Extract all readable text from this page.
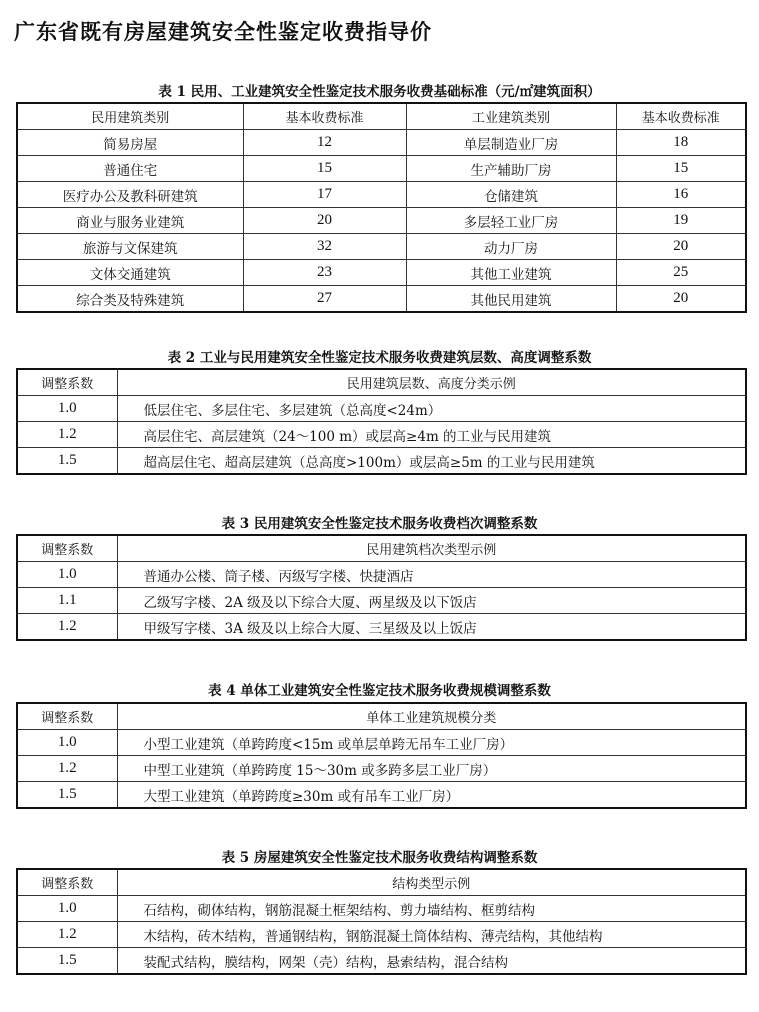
广东省既有房屋建筑安全性鉴定收费指导价
表 1 民用、工业建筑安全性鉴定技术服务收费基础标准（元/㎡建筑面积）
民用建筑类别	基本收费标准	工业建筑类别	基本收费标准
简易房屋	12	单层制造业厂房	18
普通住宅	15	生产辅助厂房	15
医疗办公及教科研建筑	17	仓储建筑	16
商业与服务业建筑	20	多层轻工业厂房	19
旅游与文保建筑	32	动力厂房	20
文体交通建筑	23	其他工业建筑	25
综合类及特殊建筑	27	其他民用建筑	20
表 2 工业与民用建筑安全性鉴定技术服务收费建筑层数、高度调整系数
调整系数	民用建筑层数、高度分类示例
1.0	低层住宅、多层住宅、多层建筑（总高度<24m）
1.2	高层住宅、高层建筑（24～100 m）或层高≥4m 的工业与民用建筑
1.5	超高层住宅、超高层建筑（总高度>100m）或层高≥5m 的工业与民用建筑
表 3 民用建筑安全性鉴定技术服务收费档次调整系数
调整系数	民用建筑档次类型示例
1.0	普通办公楼、筒子楼、丙级写字楼、快捷酒店
1.1	乙级写字楼、2A 级及以下综合大厦、两星级及以下饭店
1.2	甲级写字楼、3A 级及以上综合大厦、三星级及以上饭店
表 4 单体工业建筑安全性鉴定技术服务收费规模调整系数
调整系数	单体工业建筑规模分类
1.0	小型工业建筑（单跨跨度<15m 或单层单跨无吊车工业厂房）
1.2	中型工业建筑（单跨跨度 15～30m 或多跨多层工业厂房）
1.5	大型工业建筑（单跨跨度≥30m 或有吊车工业厂房）
表 5 房屋建筑安全性鉴定技术服务收费结构调整系数
调整系数	结构类型示例
1.0	石结构，砌体结构，钢筋混凝土框架结构、剪力墙结构、框剪结构
1.2	木结构，砖木结构，普通钢结构，钢筋混凝土筒体结构、薄壳结构，其他结构
1.5	装配式结构，膜结构，网架（壳）结构，悬索结构，混合结构
